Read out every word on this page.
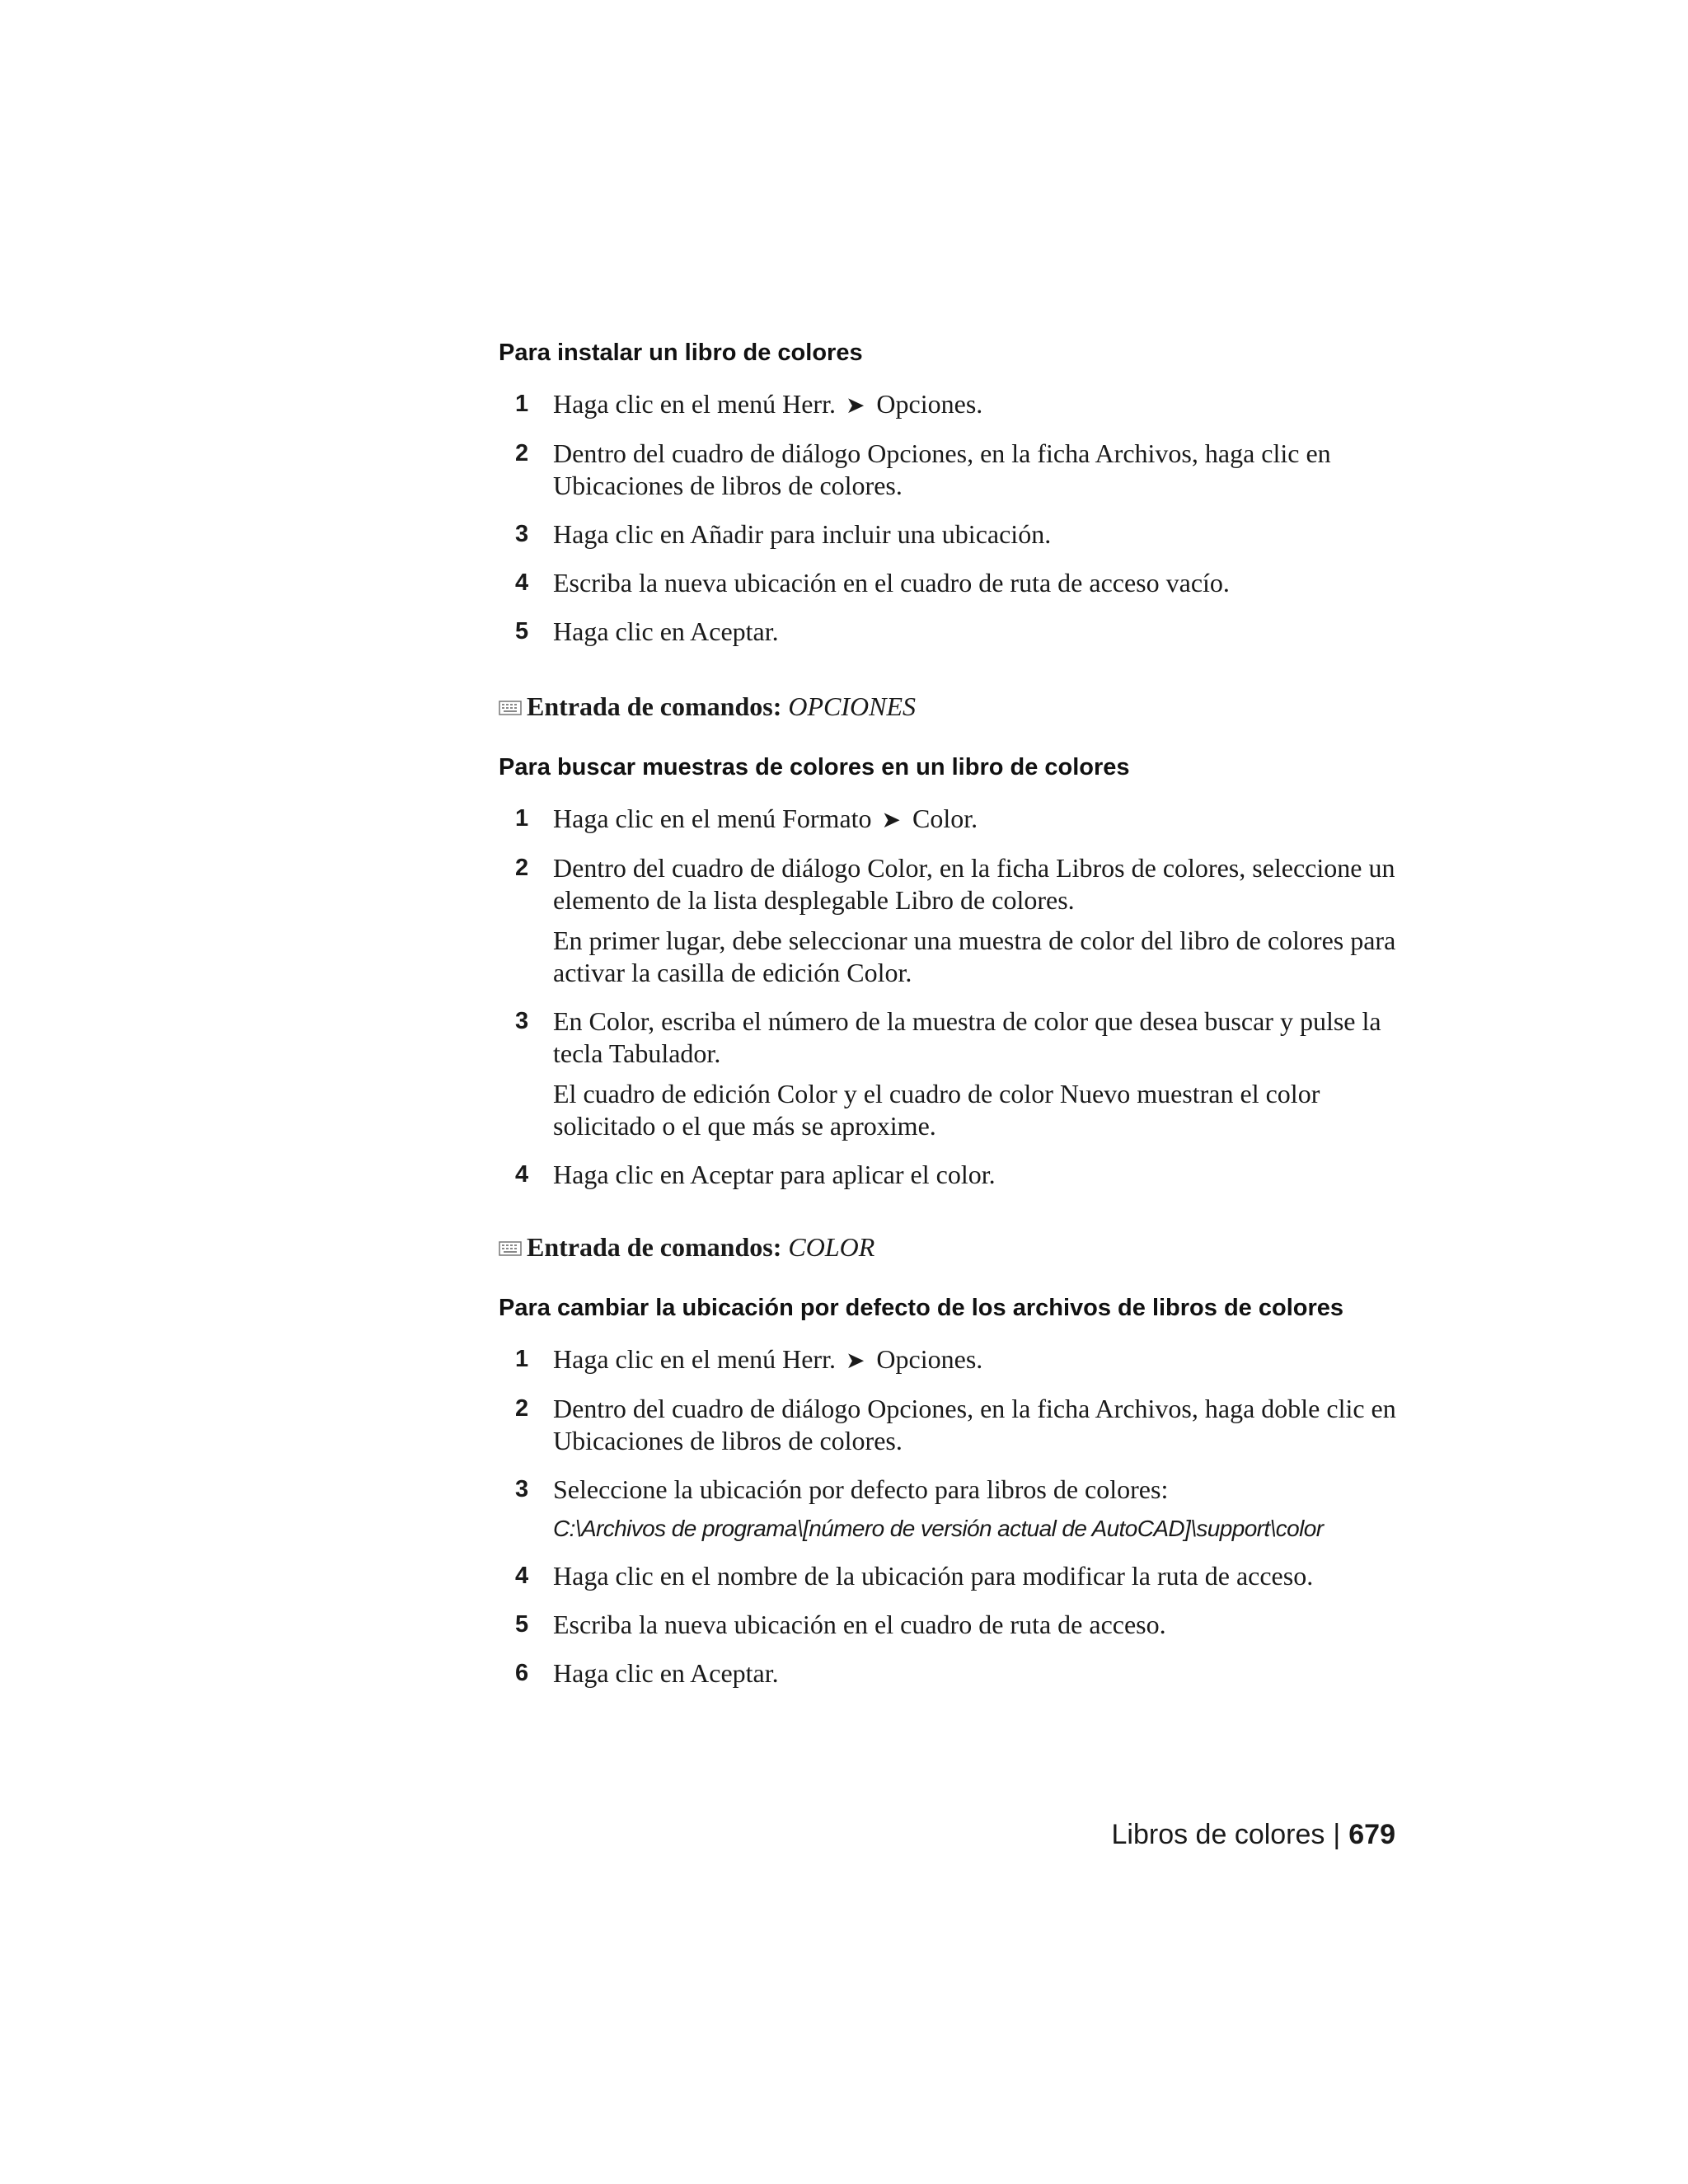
Para instalar un libro de colores
1 Haga clic en el menú Herr. ➤ Opciones.
2 Dentro del cuadro de diálogo Opciones, en la ficha Archivos, haga clic en Ubicaciones de libros de colores.
3 Haga clic en Añadir para incluir una ubicación.
4 Escriba la nueva ubicación en el cuadro de ruta de acceso vacío.
5 Haga clic en Aceptar.
Entrada de comandos: OPCIONES
Para buscar muestras de colores en un libro de colores
1 Haga clic en el menú Formato ➤ Color.
2 Dentro del cuadro de diálogo Color, en la ficha Libros de colores, seleccione un elemento de la lista desplegable Libro de colores.
En primer lugar, debe seleccionar una muestra de color del libro de colores para activar la casilla de edición Color.
3 En Color, escriba el número de la muestra de color que desea buscar y pulse la tecla Tabulador.
El cuadro de edición Color y el cuadro de color Nuevo muestran el color solicitado o el que más se aproxime.
4 Haga clic en Aceptar para aplicar el color.
Entrada de comandos: COLOR
Para cambiar la ubicación por defecto de los archivos de libros de colores
1 Haga clic en el menú Herr. ➤ Opciones.
2 Dentro del cuadro de diálogo Opciones, en la ficha Archivos, haga doble clic en Ubicaciones de libros de colores.
3 Seleccione la ubicación por defecto para libros de colores:
C:\Archivos de programa\[número de versión actual de AutoCAD]\support\color
4 Haga clic en el nombre de la ubicación para modificar la ruta de acceso.
5 Escriba la nueva ubicación en el cuadro de ruta de acceso.
6 Haga clic en Aceptar.
Libros de colores | 679
